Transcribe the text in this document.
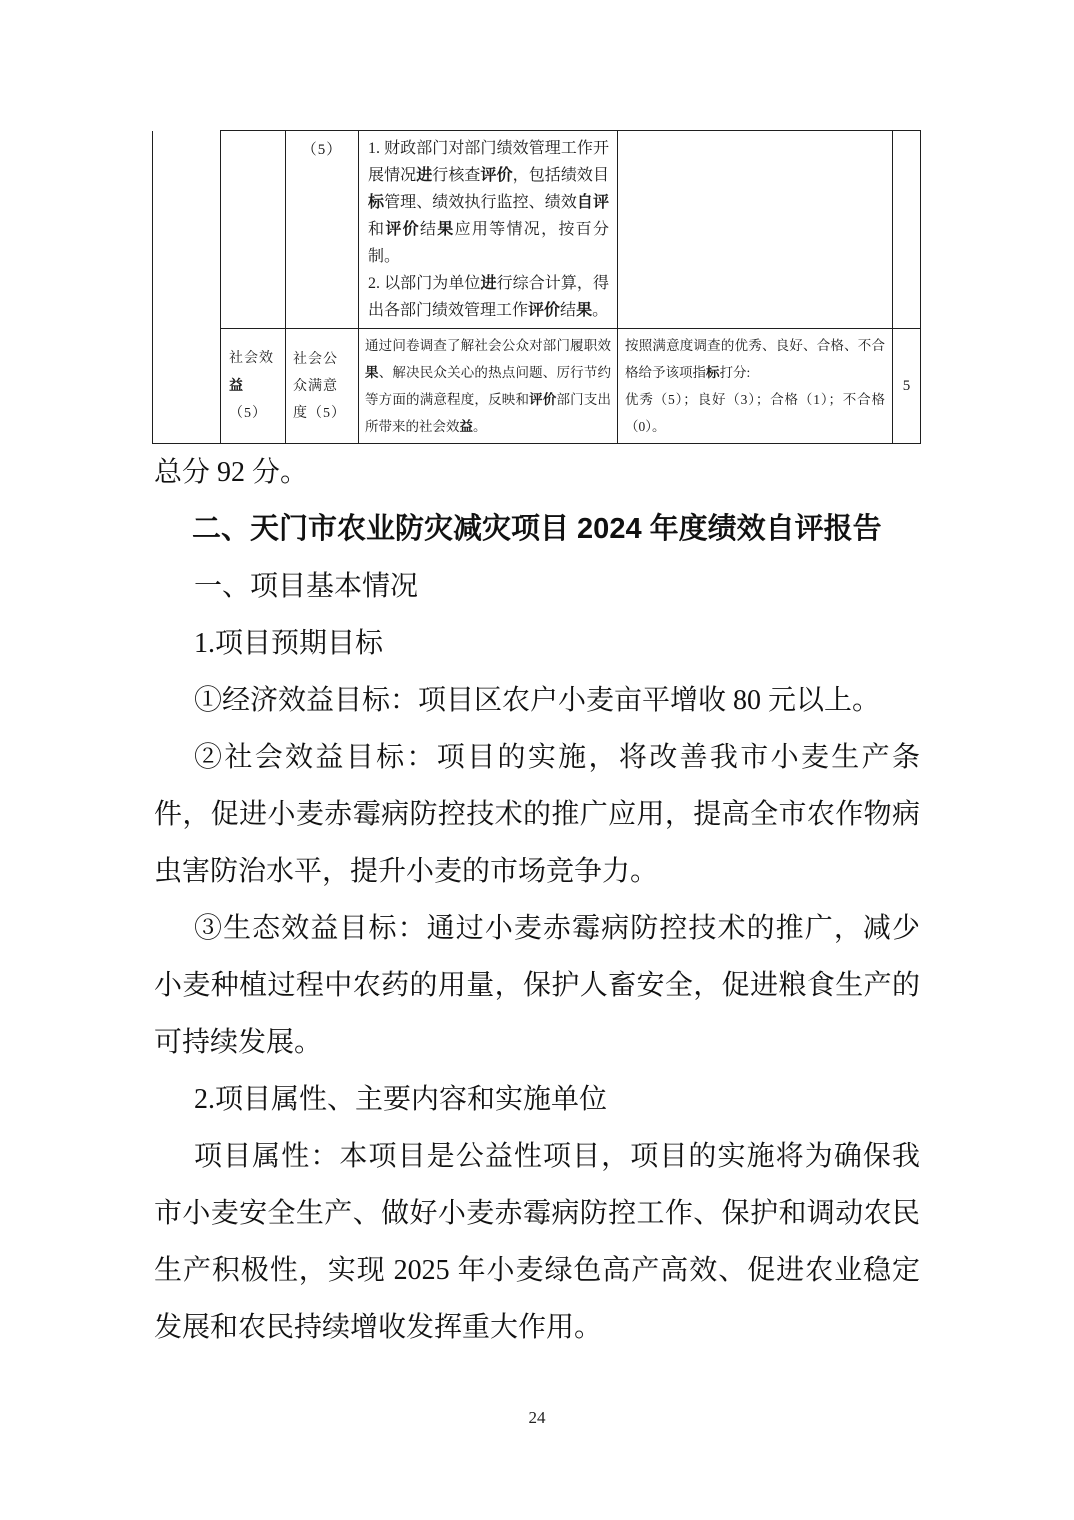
		（5）	1. 财政部门对部门绩效管理工作开展情况进行核查评价，包括绩效目标管理、绩效执行监控、绩效自评和评价结果应用等情况，按百分制。
2. 以部门为单位进行综合计算，得出各部门绩效管理工作评价结果。		

	社会效益（5）	社会公众满意度（5）	通过问卷调查了解社会公众对部门履职效果、解决民众关心的热点问题、厉行节约等方面的满意程度，反映和评价部门支出所带来的社会效益。	按照满意度调查的优秀、良好、合格、不合格给予该项指标打分:
优秀（5）；良好（3）；合格（1）；不合格（0）。	5

总分 92 分。

二、天门市农业防灾减灾项目 2024 年度绩效自评报告

一、项目基本情况

1.项目预期目标

①经济效益目标：项目区农户小麦亩平增收 80 元以上。

②社会效益目标：项目的实施，将改善我市小麦生产条件，促进小麦赤霉病防控技术的推广应用，提高全市农作物病虫害防治水平，提升小麦的市场竞争力。

③生态效益目标：通过小麦赤霉病防控技术的推广，减少小麦种植过程中农药的用量，保护人畜安全，促进粮食生产的可持续发展。

2.项目属性、主要内容和实施单位

项目属性：本项目是公益性项目，项目的实施将为确保我市小麦安全生产、做好小麦赤霉病防控工作、保护和调动农民生产积极性，实现 2025 年小麦绿色高产高效、促进农业稳定发展和农民持续增收发挥重大作用。

24
